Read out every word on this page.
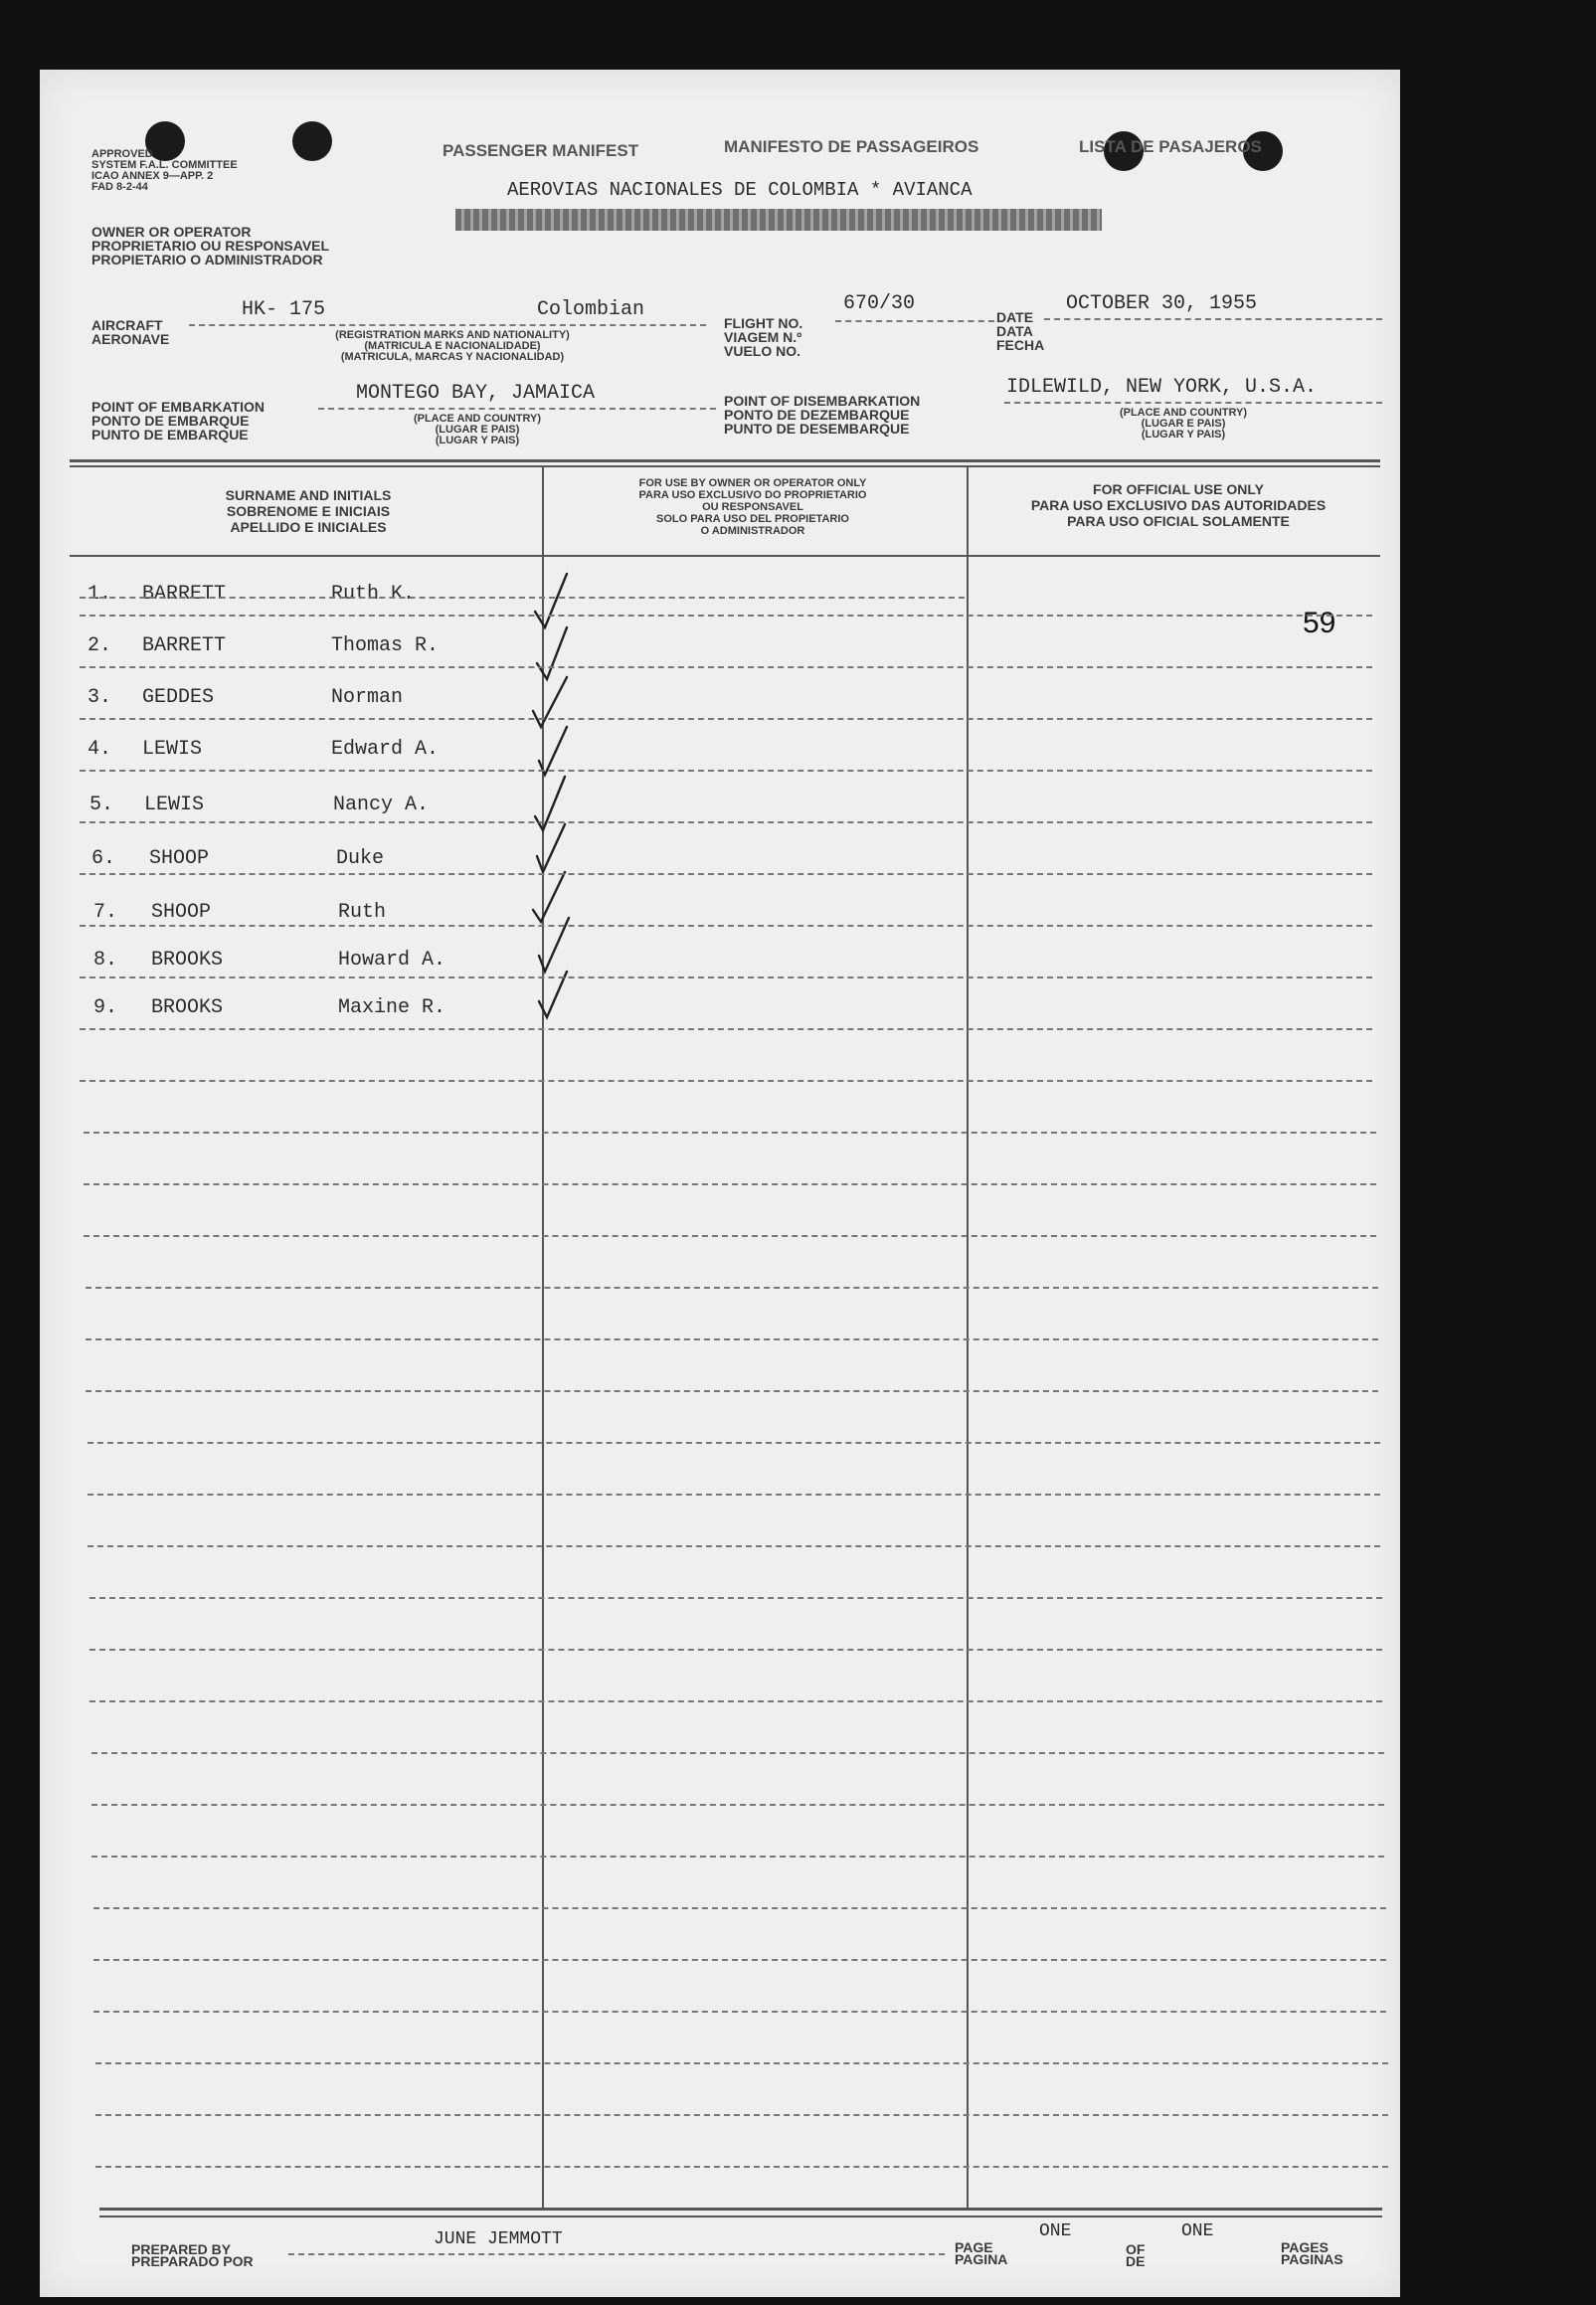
APPROVED
SYSTEM F.A.L. COMMITTEE
ICAO ANNEX 9—APP. 2
FAD 8-2-44
PASSENGER MANIFEST	MANIFESTO DE PASSAGEIROS	LISTA DE PASAJEROS
AEROVIAS NACIONALES DE COLOMBIA * AVIANCA
OWNER OR OPERATOR
PROPRIETARIO OU RESPONSAVEL
PROPIETARIO O ADMINISTRADOR
AIRCRAFT
AERONAVE
HK- 175	Colombian
(REGISTRATION MARKS AND NATIONALITY)
(MATRICULA E NACIONALIDADE)
(MATRICULA, MARCAS Y NACIONALIDAD)
FLIGHT NO.
VIAGEM N.º
VUELO NO.
670/30
DATE
DATA
FECHA
OCTOBER 30, 1955
POINT OF EMBARKATION
PONTO DE EMBARQUE
PUNTO DE EMBARQUE
MONTEGO BAY, JAMAICA
(PLACE AND COUNTRY)
(LUGAR E PAIS)
(LUGAR Y PAIS)
POINT OF DISEMBARKATION
PONTO DE DEZEMBARQUE
PUNTO DE DESEMBARQUE
IDLEWILD, NEW YORK, U.S.A.
(PLACE AND COUNTRY)
(LUGAR E PAIS)
(LUGAR Y PAIS)
SURNAME AND INITIALS
SOBRENOME E INICIAIS
APELLIDO E INICIALES
FOR USE BY OWNER OR OPERATOR ONLY
PARA USO EXCLUSIVO DO PROPRIETARIO
OU RESPONSAVEL
SOLO PARA USO DEL PROPIETARIO
O ADMINISTRADOR
FOR OFFICIAL USE ONLY
PARA USO EXCLUSIVO DAS AUTORIDADES
PARA USO OFICIAL SOLAMENTE
1. BARRETT	Ruth K.
2. BARRETT	Thomas R.
3. GEDDES	Norman
4. LEWIS	Edward A.
5. LEWIS	Nancy A.
6. SHOOP	Duke
7. SHOOP	Ruth
8. BROOKS	Howard A.
9. BROOKS	Maxine R.
59
PREPARED BY
PREPARADO POR
JUNE JEMMOTT	PAGE
PAGINA
ONE
OF
DE
ONE
PAGES
PAGINAS
